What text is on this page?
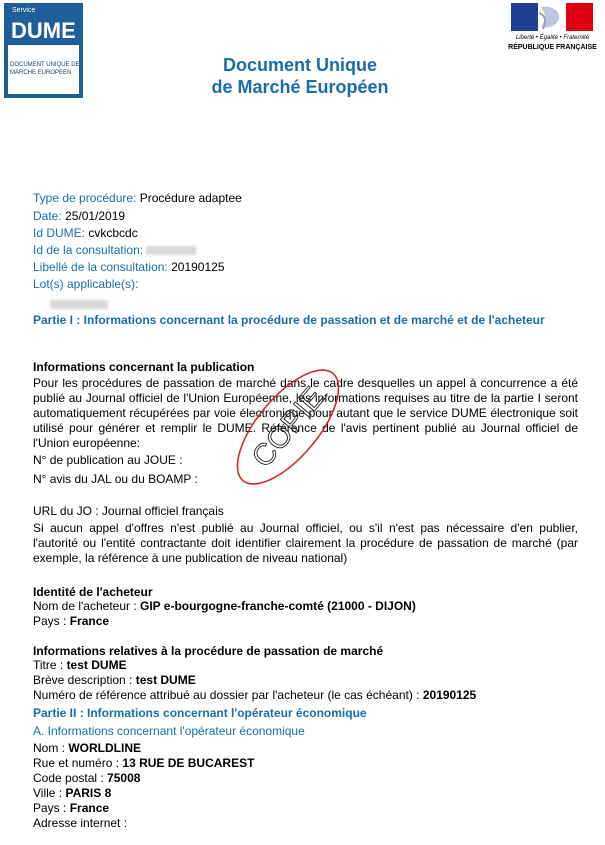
Service
DUME
DOCUMENT UNIQUE DE MARCHE EUROPEEN
Liberté • Égalité • Fraternité
RÉPUBLIQUE FRANÇAISE
Document Unique
de Marché Européen
Type de procédure: Procédure adaptee
Date: 25/01/2019
Id DUME: cvkcbcdc
Id de la consultation:
Libellé de la consultation: 20190125
Lot(s) applicable(s):
Partie I : Informations concernant la procédure de passation et de marché et de l'acheteur
Informations concernant la publication
Pour les procédures de passation de marché dans le cadre desquelles un appel à concurrence a été publié au Journal officiel de l'Union Européenne, les informations requises au titre de la partie I seront automatiquement récupérées par voie électronique pour autant que le service DUME électronique soit utilisé pour générer et remplir le DUME. Référence de l'avis pertinent publié au Journal officiel de l'Union européenne:
N° de publication au JOUE :
N° avis du JAL ou du BOAMP :
URL du JO : Journal officiel français
Si aucun appel d'offres n'est publié au Journal officiel, ou s'il n'est pas nécessaire d'en publier, l'autorité ou l'entité contractante doit identifier clairement la procédure de passation de marché (par exemple, la référence à une publication de niveau national)
Identité de l'acheteur
Nom de l'acheteur : GIP e-bourgogne-franche-comté (21000 - DIJON)
Pays : France
Informations relatives à la procédure de passation de marché
Titre : test DUME
Brève description : test DUME
Numéro de référence attribué au dossier par l'acheteur (le cas échéant) : 20190125
Partie II : Informations concernant l'opérateur économique
A. Informations concernant l'opérateur économique
Nom : WORLDLINE
Rue et numéro : 13 RUE DE BUCAREST
Code postal : 75008
Ville : PARIS 8
Pays : France
Adresse internet :
COPIE
